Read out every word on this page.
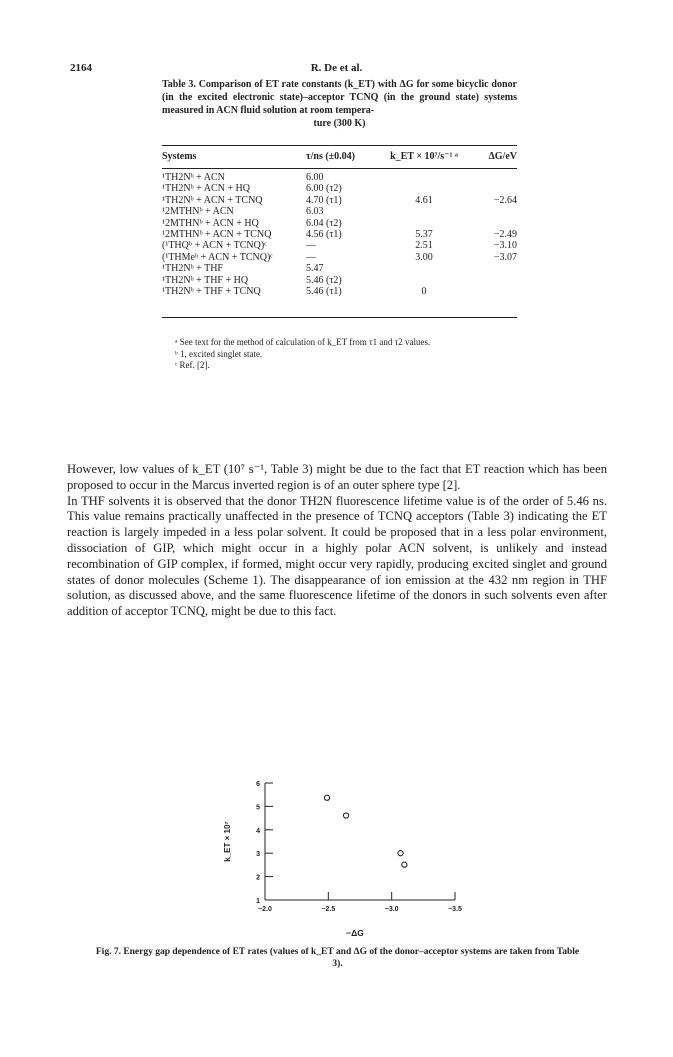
2164	R. De et al.
Table 3. Comparison of ET rate constants (k_ET) with ΔG for some bicyclic donor (in the excited electronic state)–acceptor TCNQ (in the ground state) systems measured in ACN fluid solution at room tempera-
ture (300 K)
Systems	τ/ns (±0.04)	k_ET × 10⁷/s⁻¹ ᵃ	ΔG/eV
¹TH2Nᵇ + ACN	6.00		
¹TH2Nᵇ + ACN + HQ	6.00 (τ2)		
¹TH2Nᵇ + ACN + TCNQ	4.70 (τ1)	4.61	−2.64
¹2MTHNᵇ + ACN	6.03		
¹2MTHNᵇ + ACN + HQ	6.04 (τ2)		
¹2MTHNᵇ + ACN + TCNQ	4.56 (τ1)	5.37	−2.49
(¹THQᵇ + ACN + TCNQ)ᶜ	—	2.51	−3.10
(¹THMeᵇ + ACN + TCNQ)ᶜ	—	3.00	−3.07
¹TH2Nᵇ + THF	5.47		
¹TH2Nᵇ + THF + HQ	5.46 (τ2)		
¹TH2Nᵇ + THF + TCNQ	5.46 (τ1)	0	
ᵃ See text for the method of calculation of k_ET from τ1 and τ2 values.
ᵇ 1, excited singlet state.
ᶜ Ref. [2].

However, low values of k_ET (10⁷ s⁻¹, Table 3) might be due to the fact that ET reaction which has been proposed to occur in the Marcus inverted region is of an outer sphere type [2].

In THF solvents it is observed that the donor TH2N fluorescence lifetime value is of the order of 5.46 ns. This value remains practically unaffected in the presence of TCNQ acceptors (Table 3) indicating the ET reaction is largely impeded in a less polar solvent. It could be proposed that in a less polar environment, dissociation of GIP, which might occur in a highly polar ACN solvent, is unlikely and instead recombination of GIP complex, if formed, might occur very rapidly, producing excited singlet and ground states of donor molecules (Scheme 1). The disappearance of ion emission at the 432 nm region in THF solution, as discussed above, and the same fluorescence lifetime of the donors in such solvents even after addition of acceptor TCNQ, might be due to this fact.

1
2
3
4
5
6
−2.0	−2.5	−3.0	−3.5
−ΔG
k_ET × 10⁷
Fig. 7. Energy gap dependence of ET rates (values of k_ET and ΔG of the donor–acceptor systems are taken from Table 3).
